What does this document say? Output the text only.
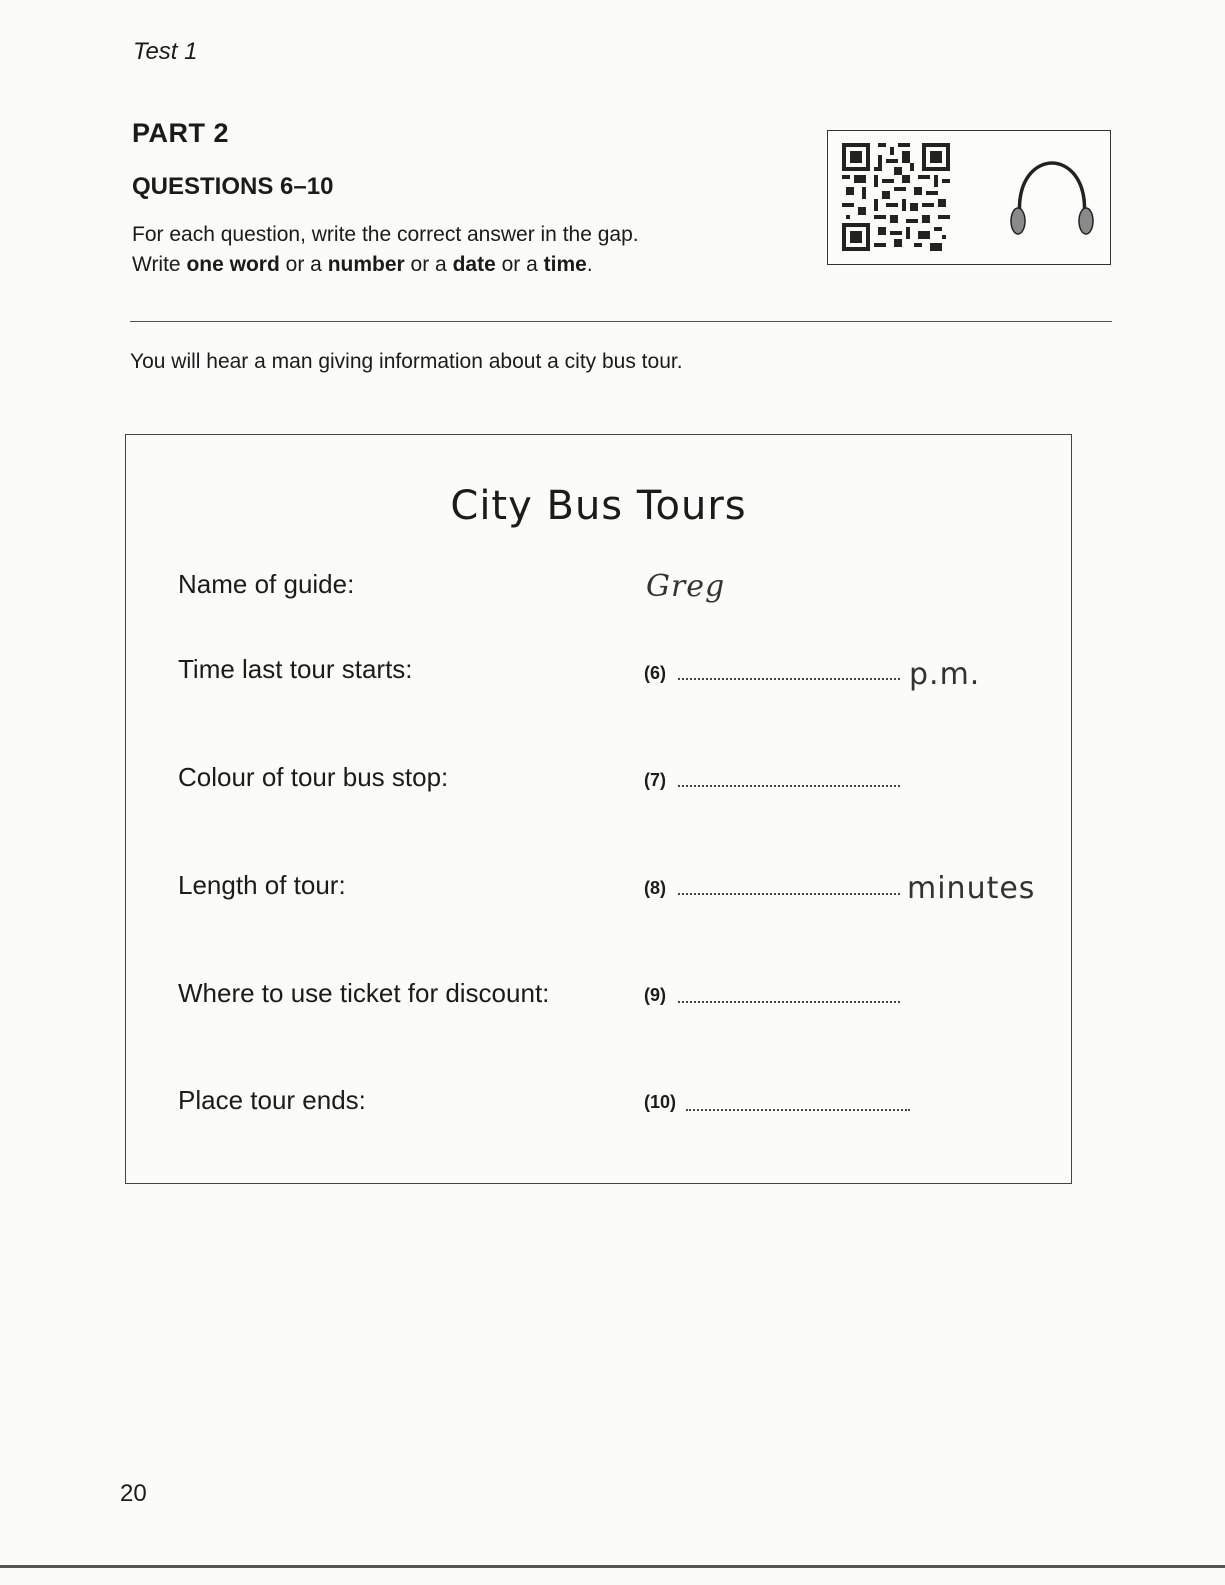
Test 1
PART 2
QUESTIONS 6–10
For each question, write the correct answer in the gap.
Write one word or a number or a date or a time.
You will hear a man giving information about a city bus tour.
City Bus Tours
Name of guide:	Greg
Time last tour starts:	(6)	p.m.
Colour of tour bus stop:	(7)
Length of tour:	(8)	minutes
Where to use ticket for discount:	(9)
Place tour ends:	(10)
20
